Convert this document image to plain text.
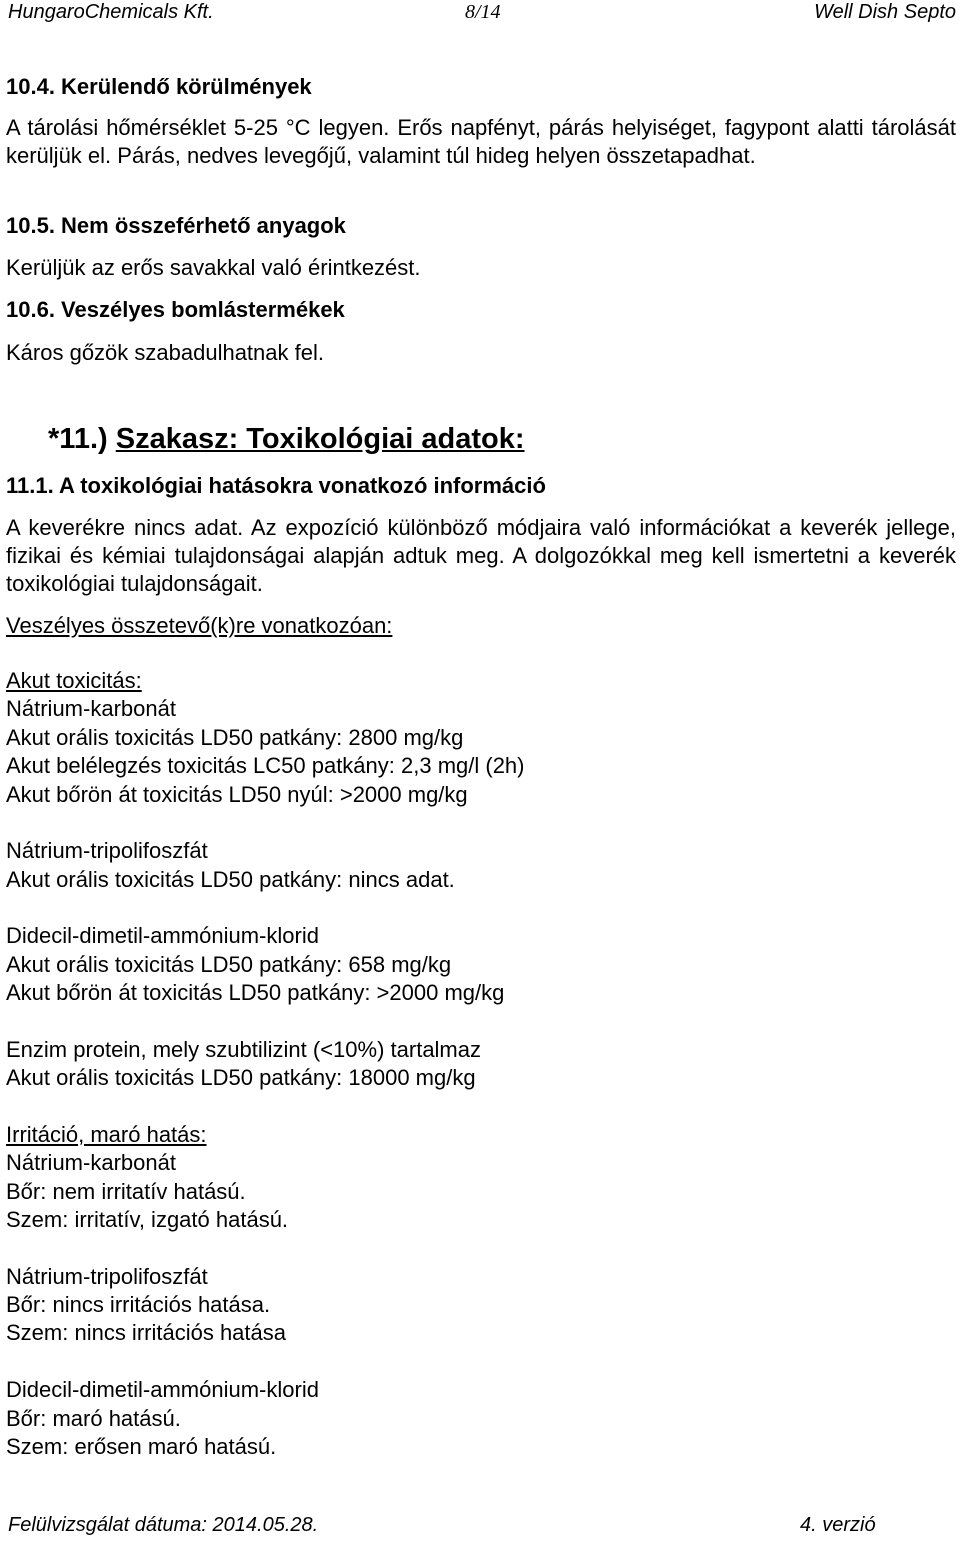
HungaroChemicals Kft.	8/14	Well Dish Septo
10.4. Kerülendő körülmények

A tárolási hőmérséklet 5-25 °C legyen. Erős napfényt, párás helyiséget, fagypont alatti tárolását kerüljük el. Párás, nedves levegőjű, valamint túl hideg helyen összetapadhat.

10.5. Nem összeférhető anyagok
Kerüljük az erős savakkal való érintkezést.
10.6. Veszélyes bomlástermékek
Káros gőzök szabadulhatnak fel.
*11.) Szakasz: Toxikológiai adatok:
11.1. A toxikológiai hatásokra vonatkozó információ

A keverékre nincs adat. Az expozíció különböző módjaira való információkat a keverék jellege, fizikai és kémiai tulajdonságai alapján adtuk meg. A dolgozókkal meg kell ismertetni a keverék toxikológiai tulajdonságait.

Veszélyes összetevő(k)re vonatkozóan:
Akut toxicitás:
Nátrium-karbonát
Akut orális toxicitás LD50 patkány: 2800 mg/kg
Akut belélegzés toxicitás LC50 patkány: 2,3 mg/l (2h)
Akut bőrön át toxicitás LD50 nyúl: >2000 mg/kg
Nátrium-tripolifoszfát
Akut orális toxicitás LD50 patkány: nincs adat.
Didecil-dimetil-ammónium-klorid
Akut orális toxicitás LD50 patkány: 658 mg/kg
Akut bőrön át toxicitás LD50 patkány: >2000 mg/kg
Enzim protein, mely szubtilizint (<10%) tartalmaz
Akut orális toxicitás LD50 patkány: 18000 mg/kg
Irritáció, maró hatás:
Nátrium-karbonát
Bőr: nem irritatív hatású.
Szem: irritatív, izgató hatású.
Nátrium-tripolifoszfát
Bőr: nincs irritációs hatása.
Szem: nincs irritációs hatása
Didecil-dimetil-ammónium-klorid
Bőr: maró hatású.
Szem: erősen maró hatású.
Felülvizsgálat dátuma: 2014.05.28.	4. verzió
